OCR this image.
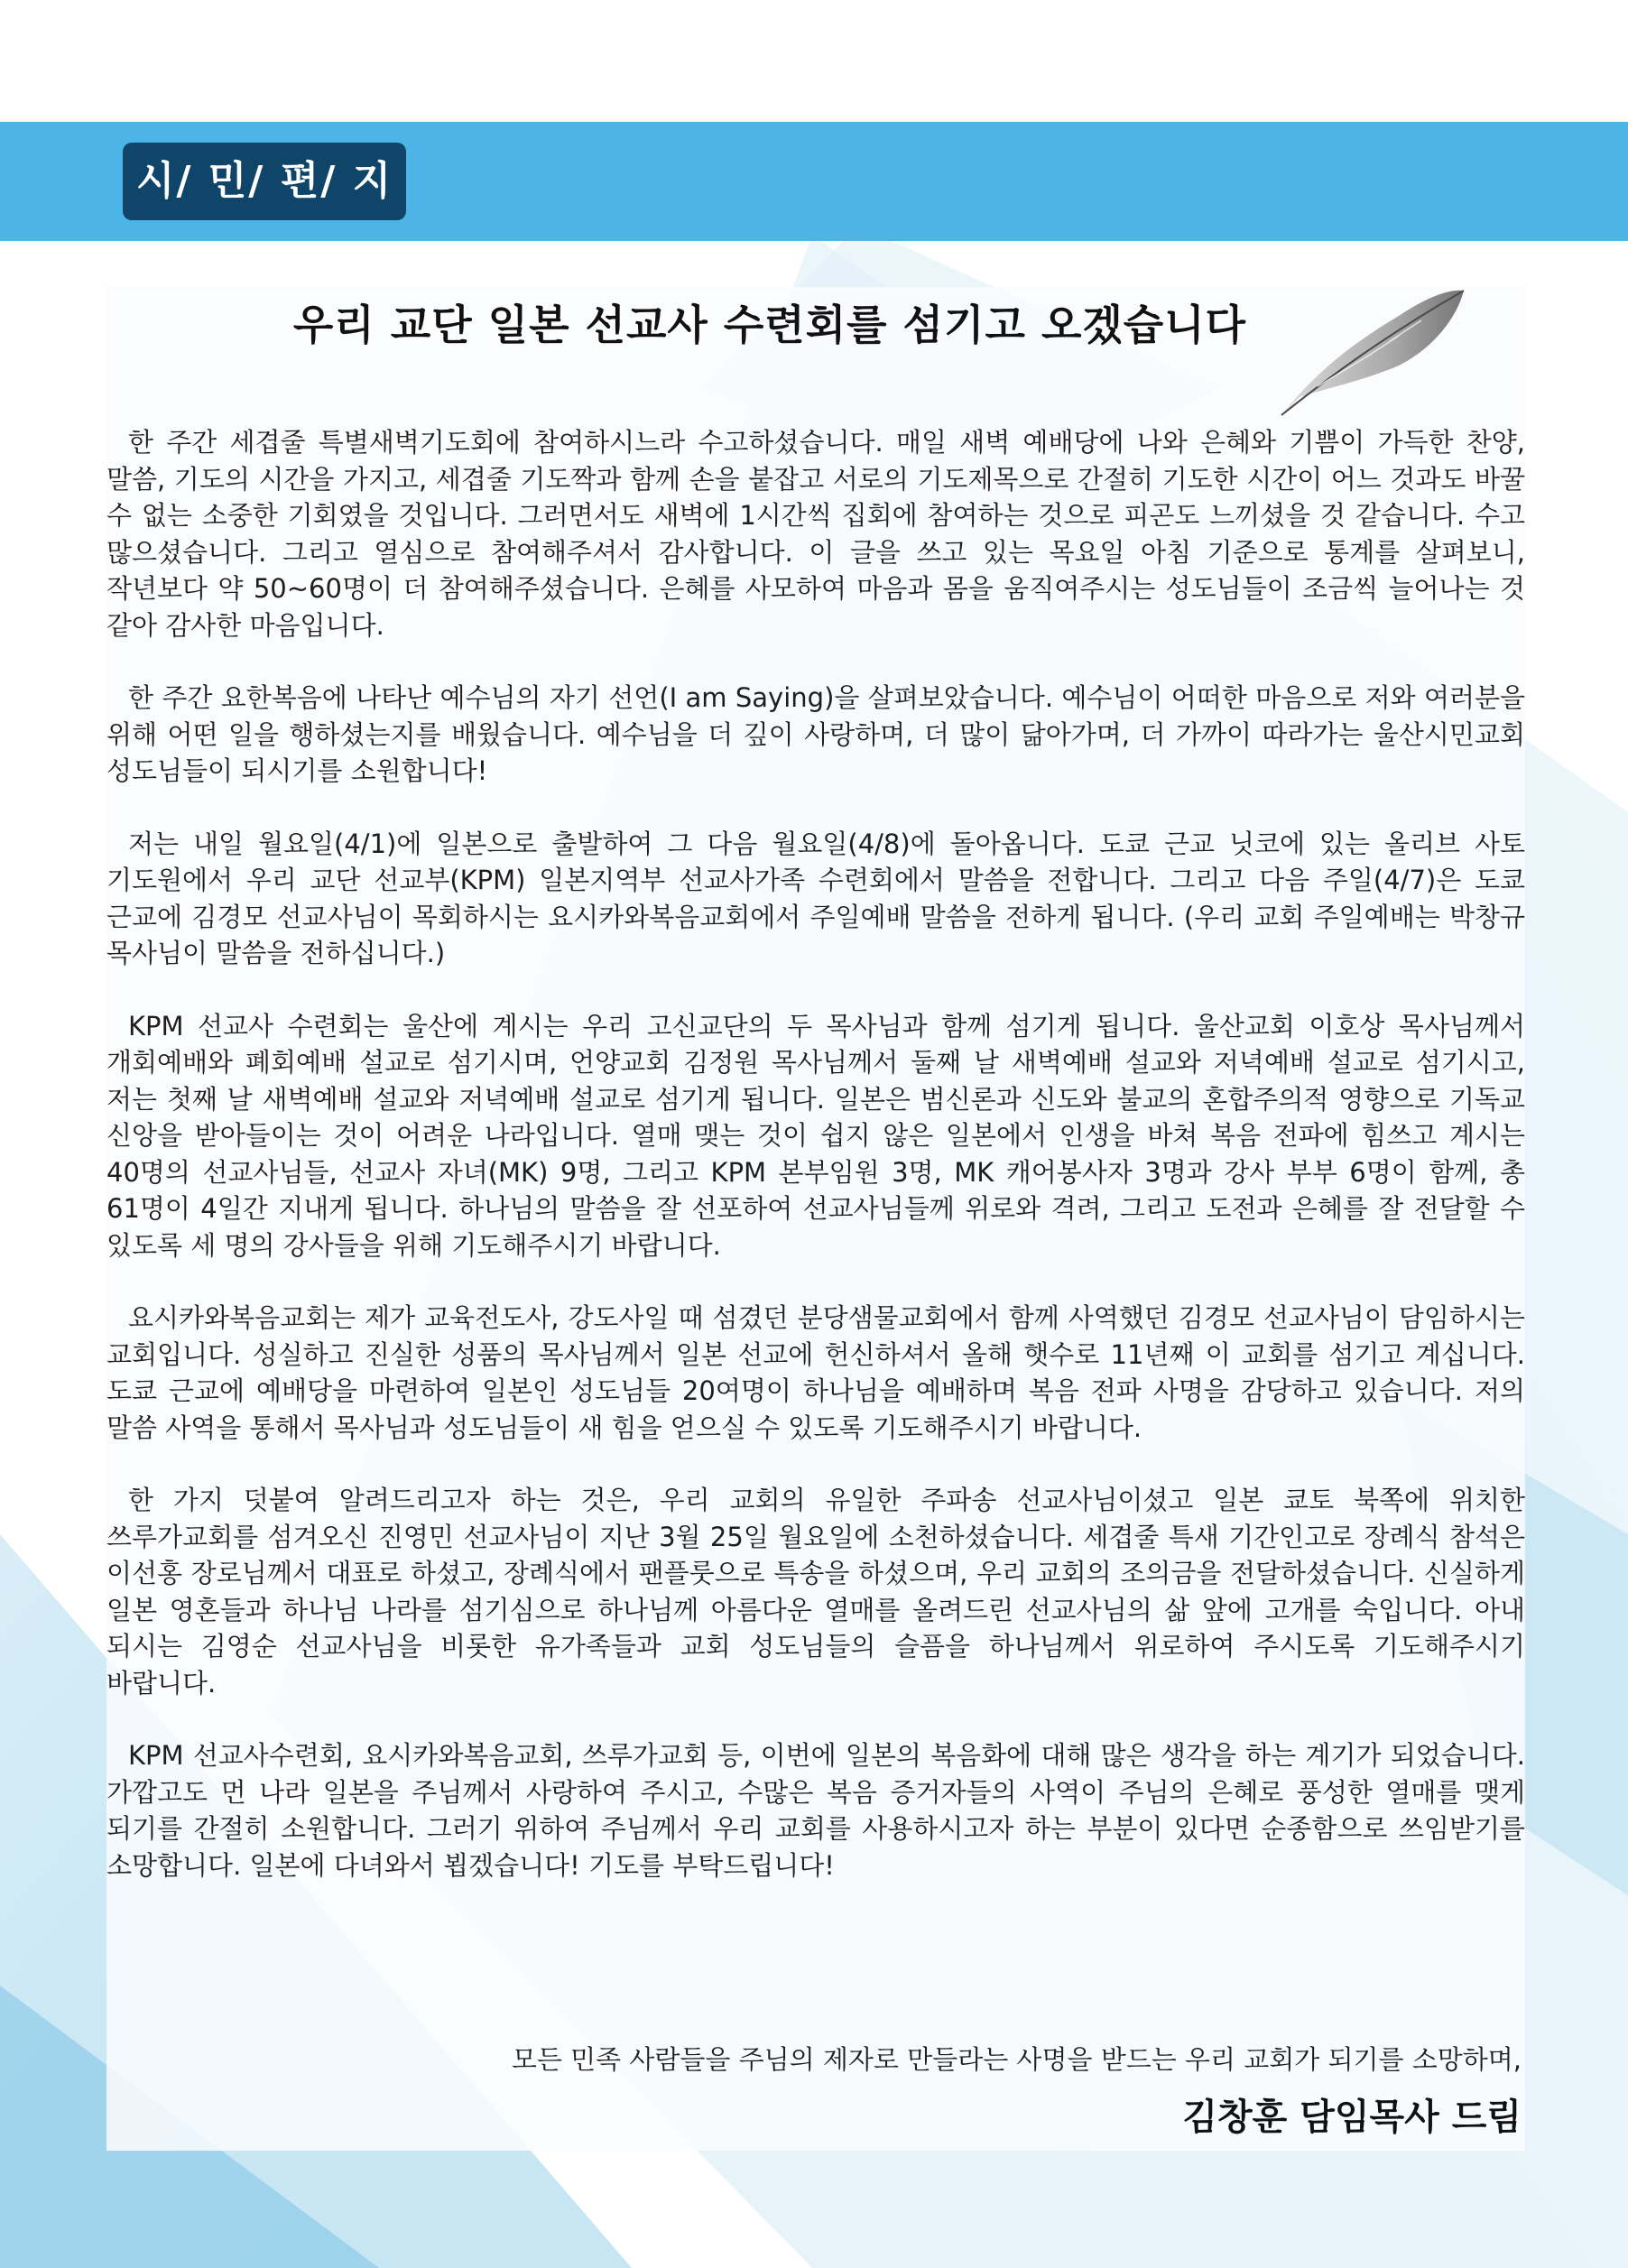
시/ 민/ 편/ 지
우리 교단 일본 선교사 수련회를 섬기고 오겠습니다

한 주간 세겹줄 특별새벽기도회에 참여하시느라 수고하셨습니다. 매일 새벽 예배당에 나와 은혜와 기쁨이 가득한 찬양, 말씀, 기도의 시간을 가지고, 세겹줄 기도짝과 함께 손을 붙잡고 서로의 기도제목으로 간절히 기도한 시간이 어느 것과도 바꿀 수 없는 소중한 기회였을 것입니다. 그러면서도 새벽에 1시간씩 집회에 참여하는 것으로 피곤도 느끼셨을 것 같습니다. 수고 많으셨습니다. 그리고 열심으로 참여해주셔서 감사합니다. 이 글을 쓰고 있는 목요일 아침 기준으로 통계를 살펴보니, 작년보다 약 50~60명이 더 참여해주셨습니다. 은혜를 사모하여 마음과 몸을 움직여주시는 성도님들이 조금씩 늘어나는 것 같아 감사한 마음입니다.

한 주간 요한복음에 나타난 예수님의 자기 선언(I am Saying)을 살펴보았습니다. 예수님이 어떠한 마음으로 저와 여러분을 위해 어떤 일을 행하셨는지를 배웠습니다. 예수님을 더 깊이 사랑하며, 더 많이 닮아가며, 더 가까이 따라가는 울산시민교회 성도님들이 되시기를 소원합니다!

저는 내일 월요일(4/1)에 일본으로 출발하여 그 다음 월요일(4/8)에 돌아옵니다. 도쿄 근교 닛코에 있는 올리브 사토 기도원에서 우리 교단 선교부(KPM) 일본지역부 선교사가족 수련회에서 말씀을 전합니다. 그리고 다음 주일(4/7)은 도쿄 근교에 김경모 선교사님이 목회하시는 요시카와복음교회에서 주일예배 말씀을 전하게 됩니다. (우리 교회 주일예배는 박창규 목사님이 말씀을 전하십니다.)

KPM 선교사 수련회는 울산에 계시는 우리 고신교단의 두 목사님과 함께 섬기게 됩니다. 울산교회 이호상 목사님께서 개회예배와 폐회예배 설교로 섬기시며, 언양교회 김정원 목사님께서 둘째 날 새벽예배 설교와 저녁예배 설교로 섬기시고, 저는 첫째 날 새벽예배 설교와 저녁예배 설교로 섬기게 됩니다. 일본은 범신론과 신도와 불교의 혼합주의적 영향으로 기독교 신앙을 받아들이는 것이 어려운 나라입니다. 열매 맺는 것이 쉽지 않은 일본에서 인생을 바쳐 복음 전파에 힘쓰고 계시는 40명의 선교사님들, 선교사 자녀(MK) 9명, 그리고 KPM 본부임원 3명, MK 캐어봉사자 3명과 강사 부부 6명이 함께, 총 61명이 4일간 지내게 됩니다. 하나님의 말씀을 잘 선포하여 선교사님들께 위로와 격려, 그리고 도전과 은혜를 잘 전달할 수 있도록 세 명의 강사들을 위해 기도해주시기 바랍니다.

요시카와복음교회는 제가 교육전도사, 강도사일 때 섬겼던 분당샘물교회에서 함께 사역했던 김경모 선교사님이 담임하시는 교회입니다. 성실하고 진실한 성품의 목사님께서 일본 선교에 헌신하셔서 올해 햇수로 11년째 이 교회를 섬기고 계십니다. 도쿄 근교에 예배당을 마련하여 일본인 성도님들 20여명이 하나님을 예배하며 복음 전파 사명을 감당하고 있습니다. 저의 말씀 사역을 통해서 목사님과 성도님들이 새 힘을 얻으실 수 있도록 기도해주시기 바랍니다.

한 가지 덧붙여 알려드리고자 하는 것은, 우리 교회의 유일한 주파송 선교사님이셨고 일본 쿄토 북쪽에 위치한 쓰루가교회를 섬겨오신 진영민 선교사님이 지난 3월 25일 월요일에 소천하셨습니다. 세겹줄 특새 기간인고로 장례식 참석은 이선홍 장로님께서 대표로 하셨고, 장례식에서 팬플룻으로 특송을 하셨으며, 우리 교회의 조의금을 전달하셨습니다. 신실하게 일본 영혼들과 하나님 나라를 섬기심으로 하나님께 아름다운 열매를 올려드린 선교사님의 삶 앞에 고개를 숙입니다. 아내 되시는 김영순 선교사님을 비롯한 유가족들과 교회 성도님들의 슬픔을 하나님께서 위로하여 주시도록 기도해주시기 바랍니다.

KPM 선교사수련회, 요시카와복음교회, 쓰루가교회 등, 이번에 일본의 복음화에 대해 많은 생각을 하는 계기가 되었습니다. 가깝고도 먼 나라 일본을 주님께서 사랑하여 주시고, 수많은 복음 증거자들의 사역이 주님의 은혜로 풍성한 열매를 맺게 되기를 간절히 소원합니다. 그러기 위하여 주님께서 우리 교회를 사용하시고자 하는 부분이 있다면 순종함으로 쓰임받기를 소망합니다. 일본에 다녀와서 뵙겠습니다! 기도를 부탁드립니다!

모든 민족 사람들을 주님의 제자로 만들라는 사명을 받드는 우리 교회가 되기를 소망하며,
김창훈 담임목사 드림
